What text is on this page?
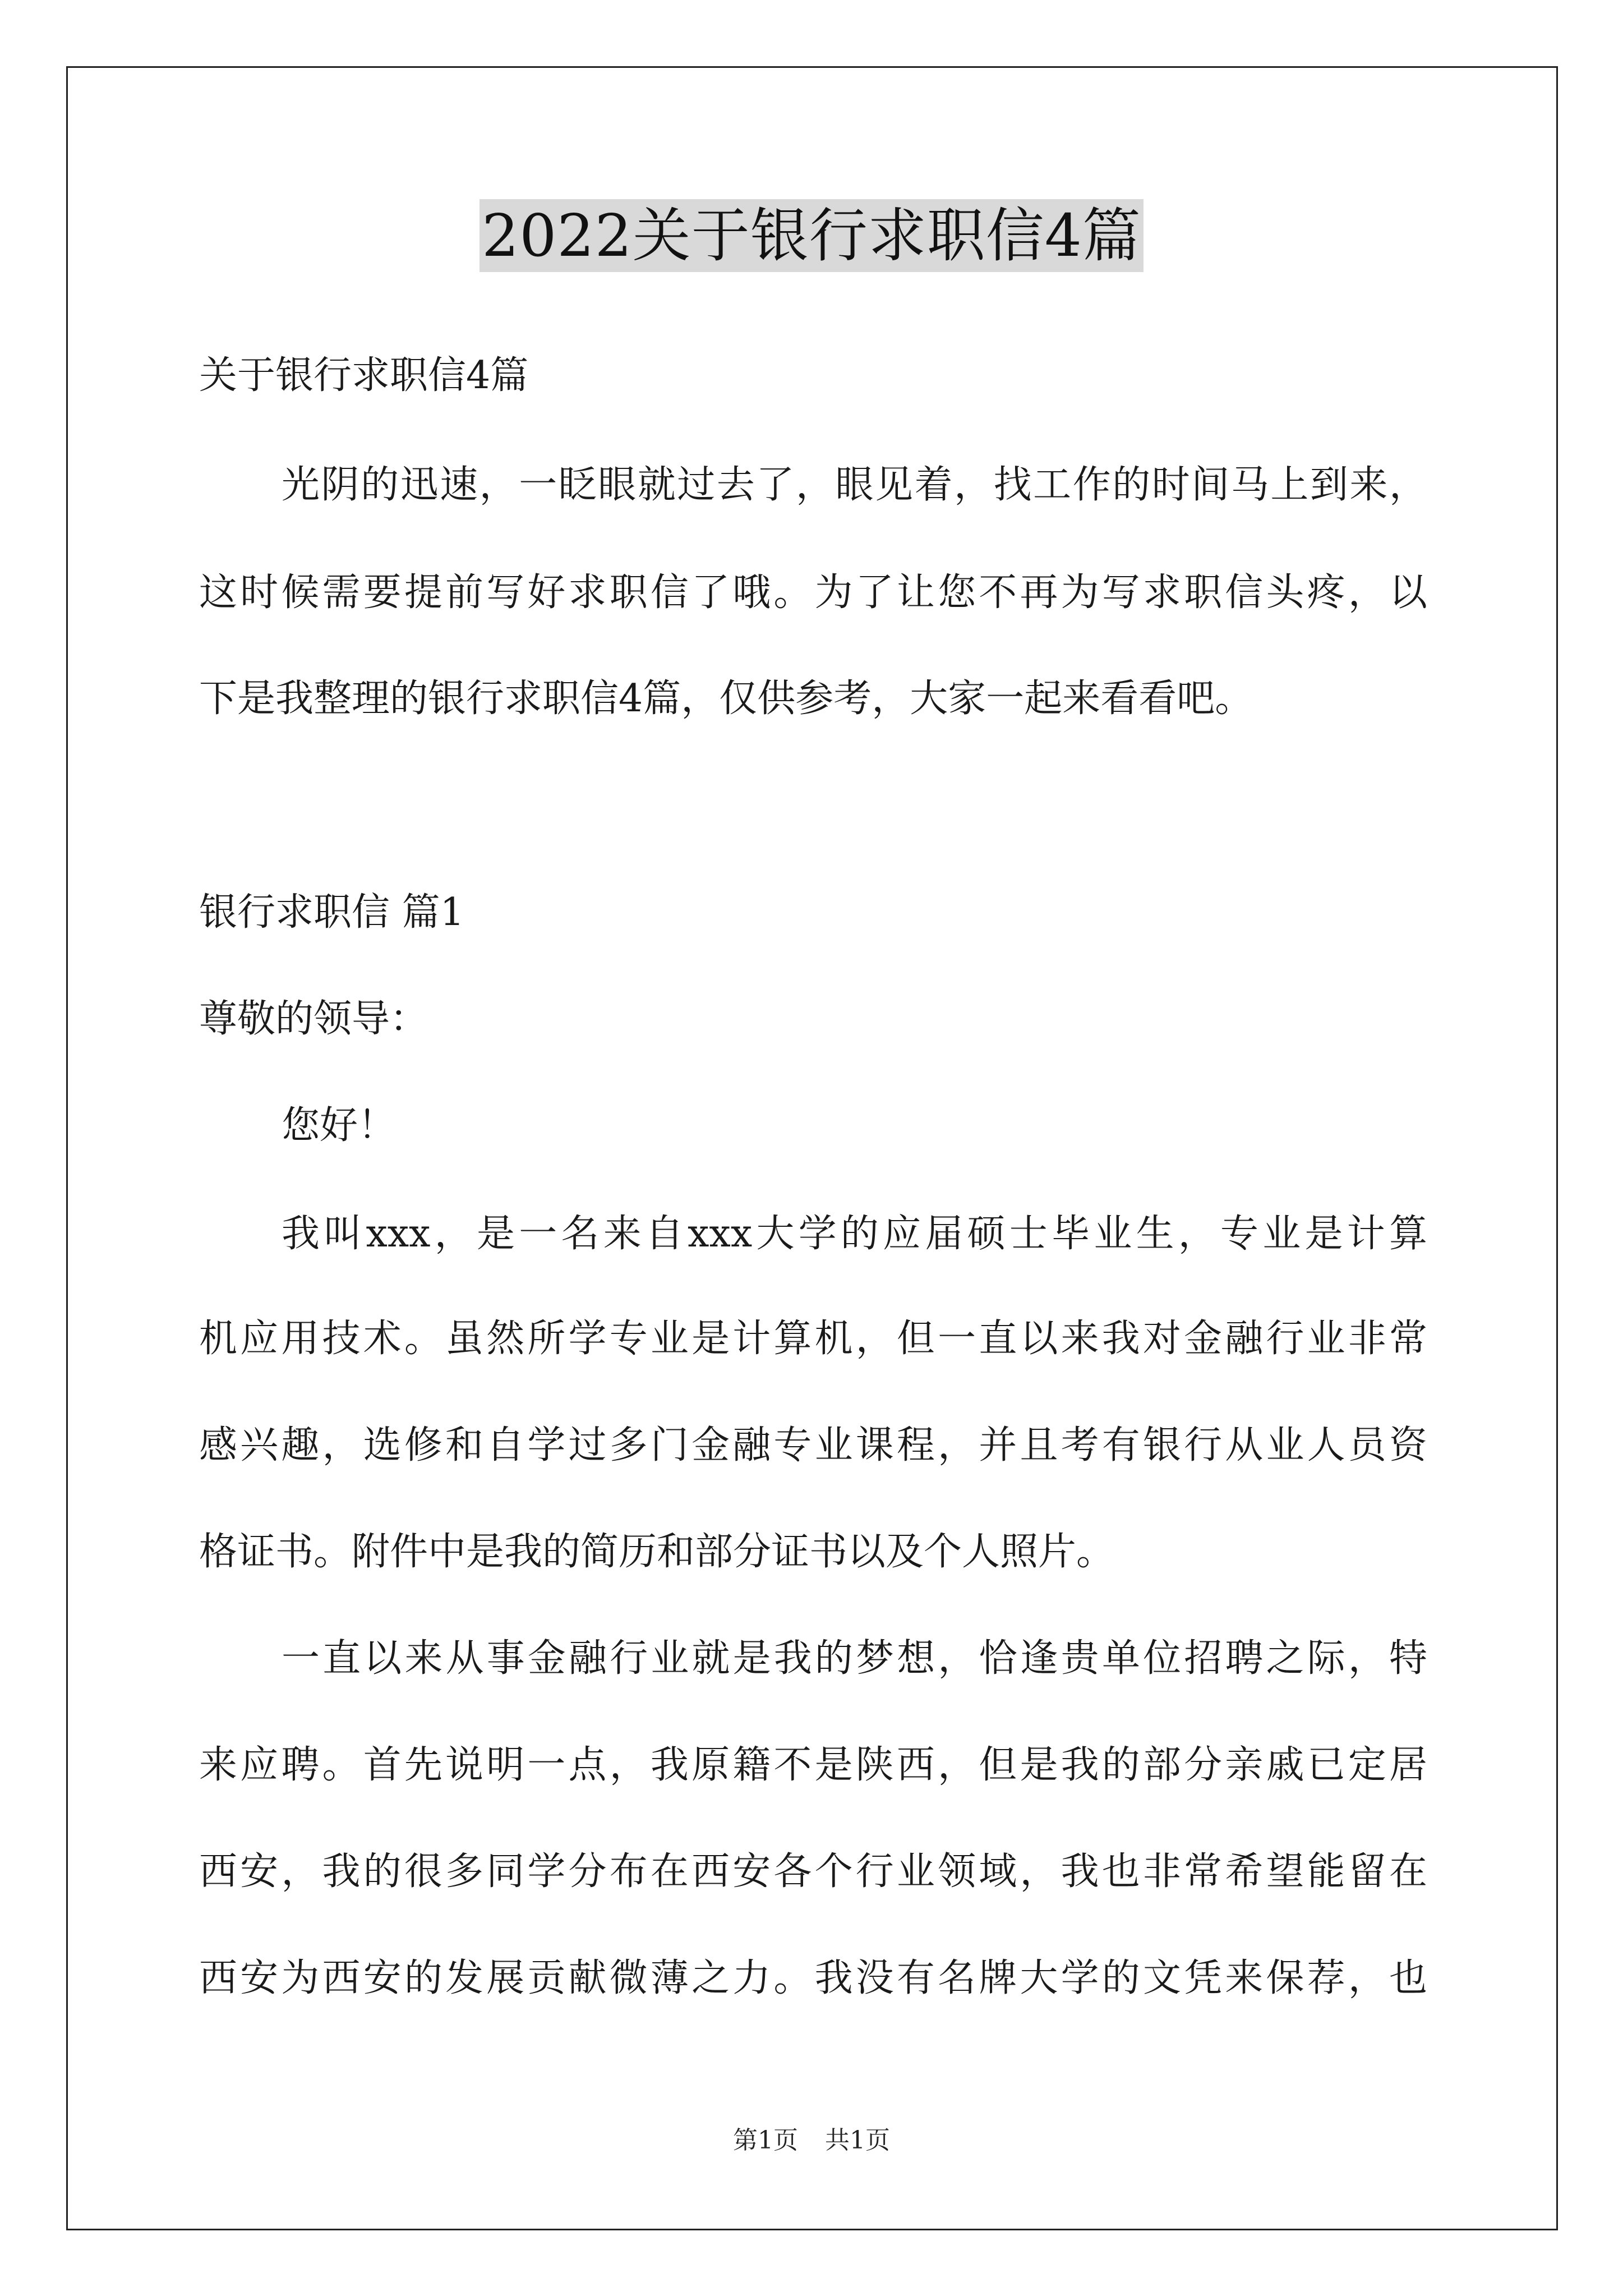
2022关于银行求职信4篇
关于银行求职信4篇
光阴的迅速，一眨眼就过去了，眼见着，找工作的时间马上到来，
这时候需要提前写好求职信了哦。为了让您不再为写求职信头疼，以
下是我整理的银行求职信4篇，仅供参考，大家一起来看看吧。
银行求职信 篇1
尊敬的领导：
您好！
我叫xxx，是一名来自xxx大学的应届硕士毕业生，专业是计算
机应用技术。虽然所学专业是计算机，但一直以来我对金融行业非常
感兴趣，选修和自学过多门金融专业课程，并且考有银行从业人员资
格证书。附件中是我的简历和部分证书以及个人照片。
一直以来从事金融行业就是我的梦想，恰逢贵单位招聘之际，特
来应聘。首先说明一点，我原籍不是陕西，但是我的部分亲戚已定居
西安，我的很多同学分布在西安各个行业领域，我也非常希望能留在
西安为西安的发展贡献微薄之力。我没有名牌大学的文凭来保荐，也
第1页 共1页
